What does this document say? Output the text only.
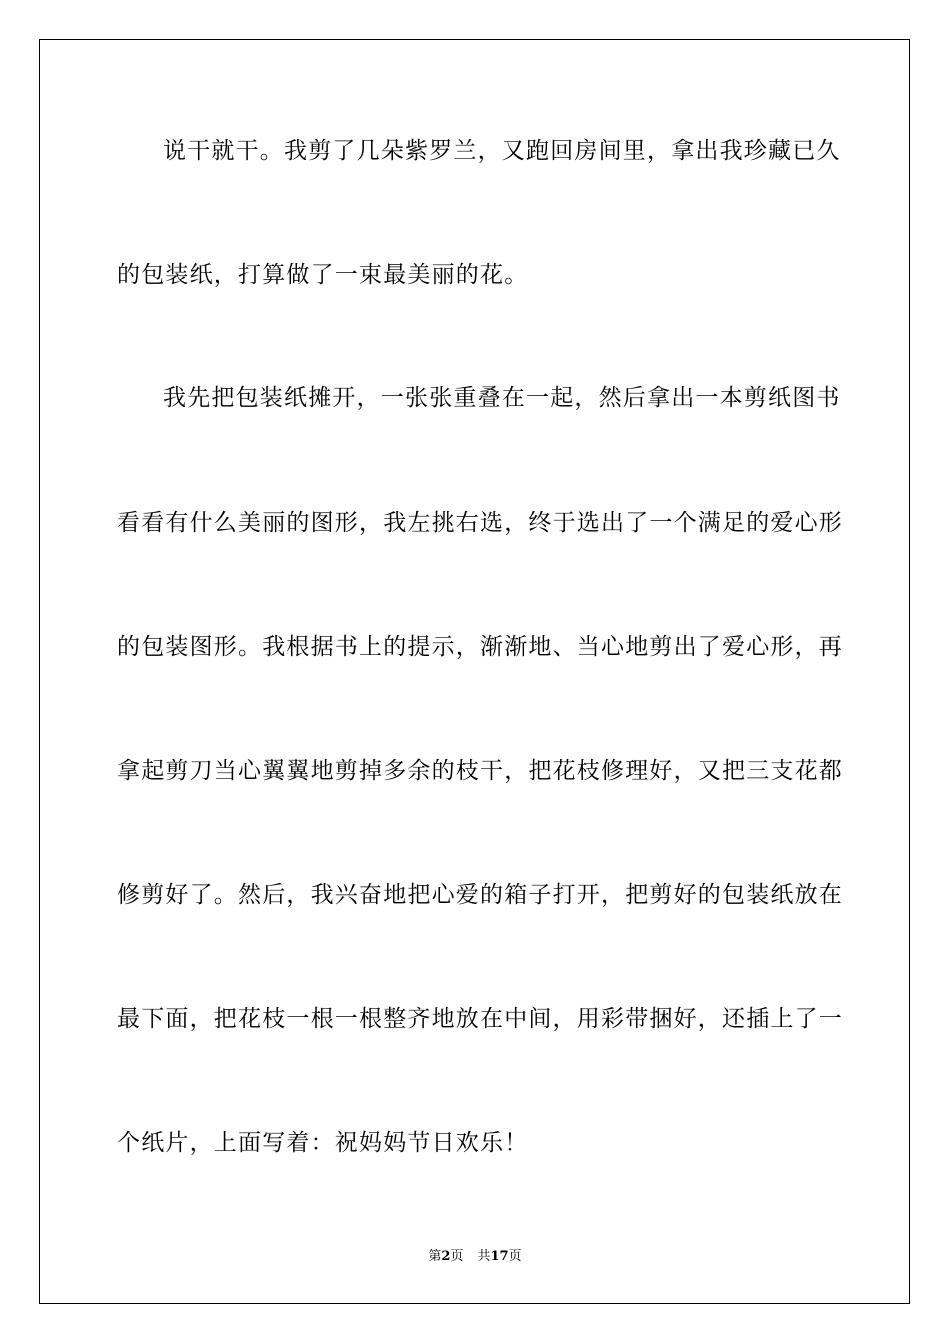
说干就干。我剪了几朵紫罗兰，又跑回房间里，拿出我珍藏已久
的包装纸，打算做了一束最美丽的花。
我先把包装纸摊开，一张张重叠在一起，然后拿出一本剪纸图书
看看有什么美丽的图形，我左挑右选，终于选出了一个满足的爱心形
的包装图形。我根据书上的提示，渐渐地、当心地剪出了爱心形，再
拿起剪刀当心翼翼地剪掉多余的枝干，把花枝修理好，又把三支花都
修剪好了。然后，我兴奋地把心爱的箱子打开，把剪好的包装纸放在
最下面，把花枝一根一根整齐地放在中间，用彩带捆好，还插上了一
个纸片，上面写着：祝妈妈节日欢乐！
第2页 共17页
